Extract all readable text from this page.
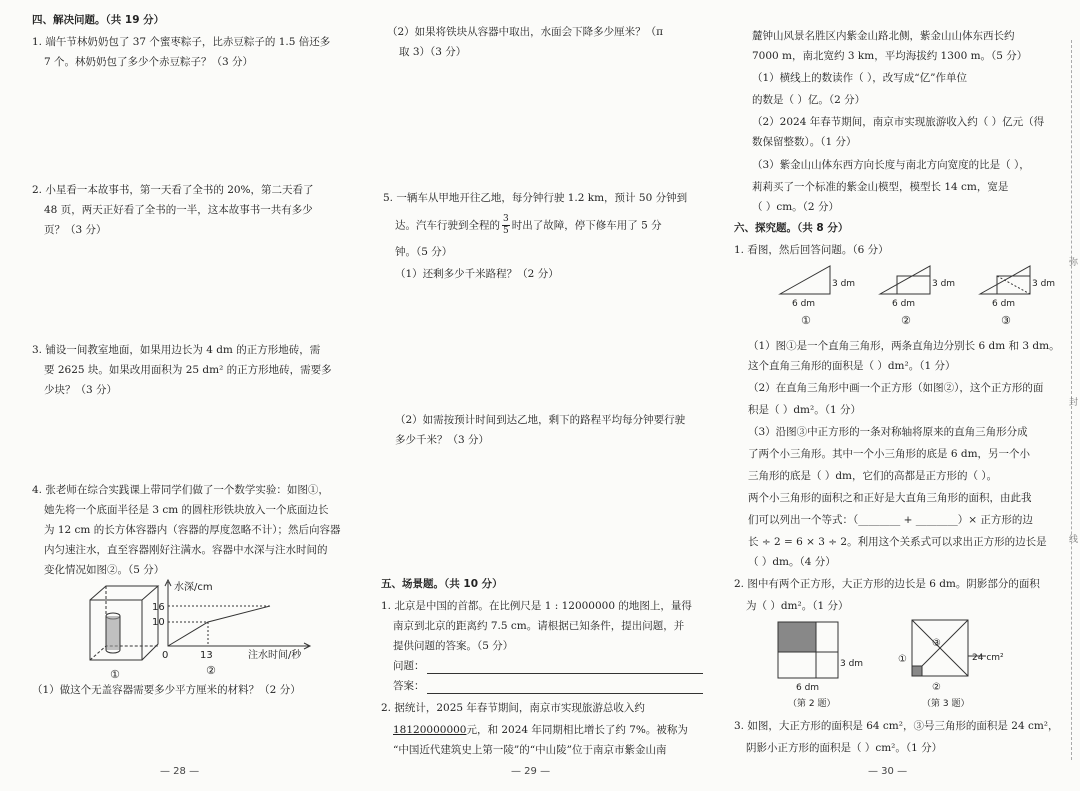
四、解决问题。（共 19 分）
1. 端午节林奶奶包了 37 个蜜枣粽子，比赤豆粽子的 1.5 倍还多
7 个。林奶奶包了多少个赤豆粽子？（3 分）
2. 小星看一本故事书，第一天看了全书的 20%，第二天看了
48 页，两天正好看了全书的一半，这本故事书一共有多少
页？（3 分）
3. 铺设一间教室地面，如果用边长为 4 dm 的正方形地砖，需
要 2625 块。如果改用面积为 25 dm² 的正方形地砖，需要多
少块？（3 分）
4. 张老师在综合实践课上带同学们做了一个数学实验：如图①，
她先将一个底面半径是 3 cm 的圆柱形铁块放入一个底面边长
为 12 cm 的长方体容器内（容器的厚度忽略不计）；然后向容器
内匀速注水，直至容器刚好注满水。容器中水深与注水时间的
变化情况如图②。（5 分）
①
水深/cm
16
10
0	13	注水时间/秒
②
（1）做这个无盖容器需要多少平方厘米的材料？（2 分）
— 28 —
（2）如果将铁块从容器中取出，水面会下降多少厘米？（π
取 3）（3 分）
5. 一辆车从甲地开往乙地，每分钟行驶 1.2 km，预计 50 分钟到
达。汽车行驶到全程的 $\frac{3}{5}$ 时出了故障，停下修车用了 5 分
钟。（5 分）
（1）还剩多少千米路程？（2 分）
（2）如需按预计时间到达乙地，剩下的路程平均每分钟要行驶
多少千米？（3 分）
五、场景题。（共 10 分）
1. 北京是中国的首都。在比例尺是 1 : 12000000 的地图上，量得
南京到北京的距离约 7.5 cm。请根据已知条件，提出问题，并
提供问题的答案。（5 分）
问题：
答案：
2. 据统计，2025 年春节期间，南京市实现旅游总收入约
18120000000元，和 2024 年同期相比增长了约 7%。被称为
“中国近代建筑史上第一陵”的“中山陵”位于南京市紫金山南
— 29 —
弥
封
线
麓钟山风景名胜区内紫金山路北侧，紫金山山体东西长约
7000 m，南北宽约 3 km，平均海拔约 1300 m。（5 分）
（1）横线上的数读作（ ），改写成“亿”作单位
的数是（ ）亿。（2 分）
（2）2024 年春节期间，南京市实现旅游收入约（ ）亿元（得
数保留整数）。（1 分）
（3）紫金山山体东西方向长度与南北方向宽度的比是（ ），
莉莉买了一个标准的紫金山模型，模型长 14 cm，宽是
（ ）cm。（2 分）
六、探究题。（共 8 分）
1. 看图，然后回答问题。（6 分）
3 dm
6 dm
①
3 dm
6 dm
②
3 dm
6 dm
③
（1）图①是一个直角三角形，两条直角边分别长 6 dm 和 3 dm。
这个直角三角形的面积是（ ）dm²。（1 分）
（2）在直角三角形中画一个正方形（如图②），这个正方形的面
积是（ ）dm²。（1 分）
（3）沿图③中正方形的一条对称轴将原来的直角三角形分成
了两个小三角形。其中一个小三角形的底是 6 dm，另一个小
三角形的底是（ ）dm，它们的高都是正方形的（ ）。
两个小三角形的面积之和正好是大直角三角形的面积，由此我
们可以列出一个等式：（________ + ________）× 正方形的边
长 ÷ 2 = 6 × 3 ÷ 2。利用这个关系式可以求出正方形的边长是
（ ）dm。（4 分）
2. 图中有两个正方形，大正方形的边长是 6 dm。阴影部分的面积
为（ ）dm²。（1 分）
3 dm
6 dm
（第 2 题）
①
③
②
24 cm²
（第 3 题）
3. 如图，大正方形的面积是 64 cm²，③号三角形的面积是 24 cm²，
阴影小正方形的面积是（ ）cm²。（1 分）
— 30 —
